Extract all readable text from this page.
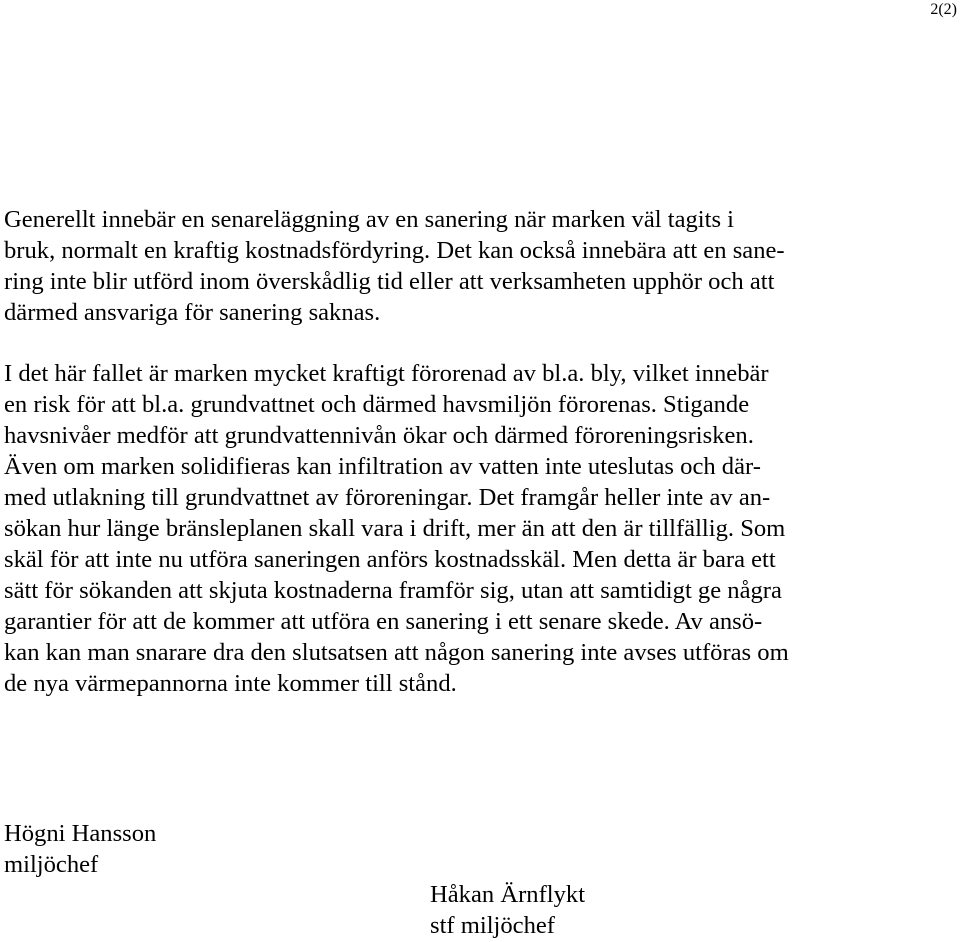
2(2)
Generellt innebär en senareläggning av en sanering när marken väl tagits i
bruk, normalt en kraftig kostnadsfördyring. Det kan också innebära att en sane-
ring inte blir utförd inom överskådlig tid eller att verksamheten upphör och att
därmed ansvariga för sanering saknas.
I det här fallet är marken mycket kraftigt förorenad av bl.a. bly, vilket innebär
en risk för att bl.a. grundvattnet och därmed havsmiljön förorenas. Stigande
havsnivåer medför att grundvattennivån ökar och därmed föroreningsrisken.
Även om marken solidifieras kan infiltration av vatten inte uteslutas och där-
med utlakning till grundvattnet av föroreningar. Det framgår heller inte av an-
sökan hur länge bränsleplanen skall vara i drift, mer än att den är tillfällig. Som
skäl för att inte nu utföra saneringen anförs kostnadsskäl. Men detta är bara ett
sätt för sökanden att skjuta kostnaderna framför sig, utan att samtidigt ge några
garantier för att de kommer att utföra en sanering i ett senare skede. Av ansö-
kan kan man snarare dra den slutsatsen att någon sanering inte avses utföras om
de nya värmepannorna inte kommer till stånd.
Högni Hansson
miljöchef
Håkan Ärnflykt
stf miljöchef
